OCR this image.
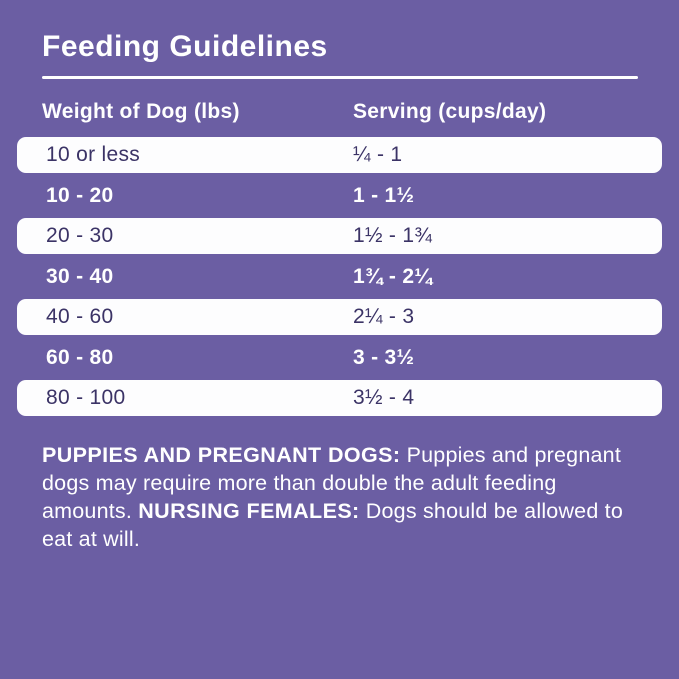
Feeding Guidelines
Weight of Dog (lbs)	Serving (cups/day)
10 or less	¼ - 1
10 - 20	1 - 1½
20 - 30	1½ - 1¾
30 - 40	1¾ - 2¼
40 - 60	2¼ - 3
60 - 80	3 - 3½
80 - 100	3½ - 4
PUPPIES AND PREGNANT DOGS: Puppies and pregnant dogs may require more than double the adult feeding amounts. NURSING FEMALES: Dogs should be allowed to eat at will.
